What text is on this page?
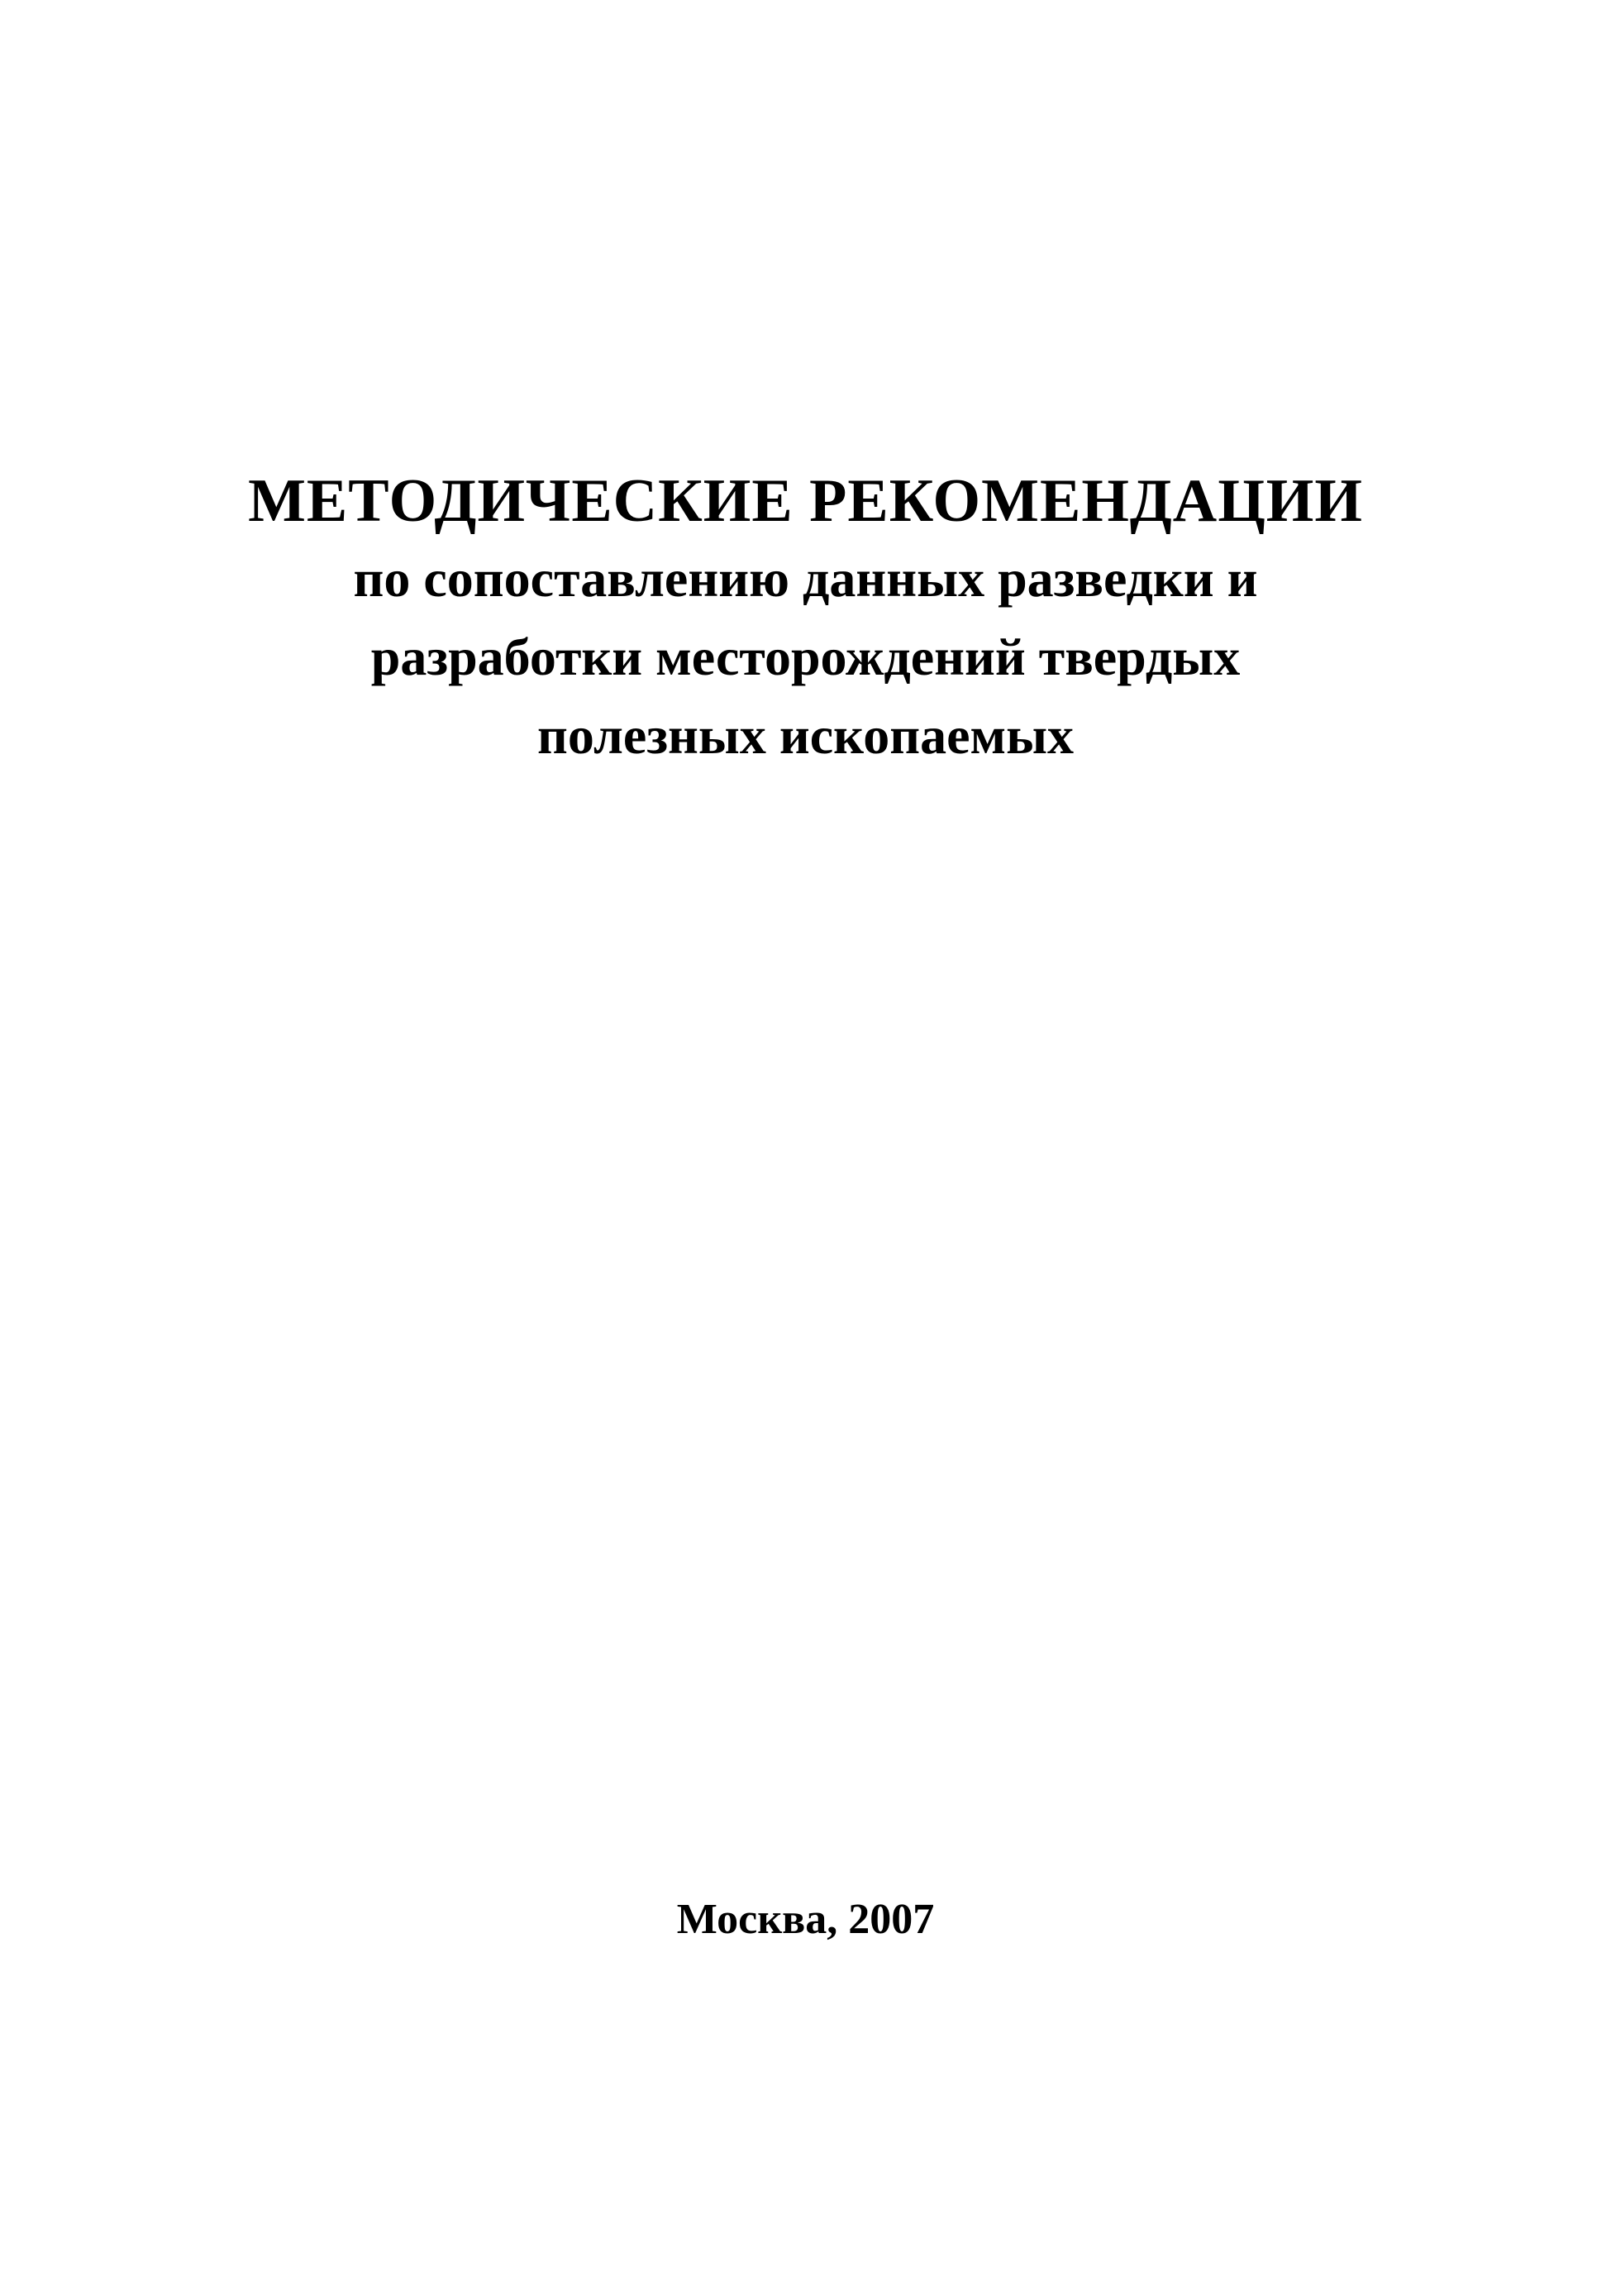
МЕТОДИЧЕСКИЕ РЕКОМЕНДАЦИИ

по сопоставлению данных разведки и
разработки месторождений твердых
полезных ископаемых

Москва, 2007
